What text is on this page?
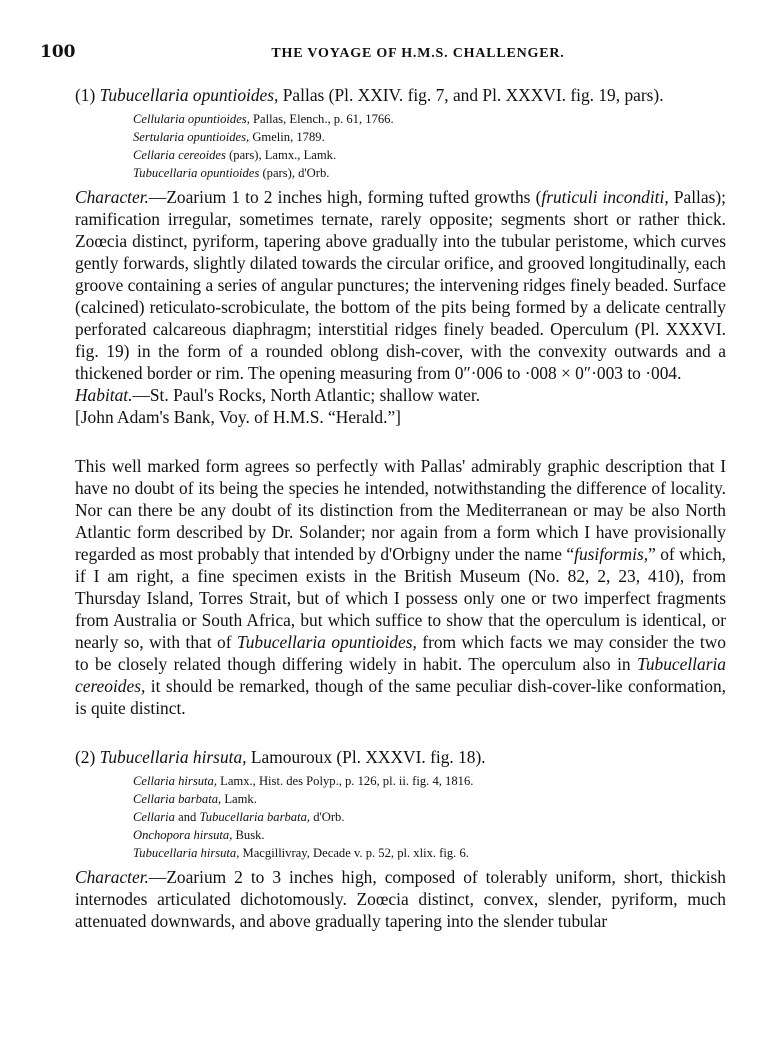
100	THE VOYAGE OF H.M.S. CHALLENGER.

(1) Tubucellaria opuntioides, Pallas (Pl. XXIV. fig. 7, and Pl. XXXVI. fig. 19, pars).

Cellularia opuntioides, Pallas, Elench., p. 61, 1766.
Sertularia opuntioides, Gmelin, 1789.
Cellaria cereoides (pars), Lamx., Lamk.
Tubucellaria opuntioides (pars), d'Orb.

Character.—Zoarium 1 to 2 inches high, forming tufted growths (fruticuli inconditi, Pallas); ramification irregular, sometimes ternate, rarely opposite; segments short or rather thick. Zoœcia distinct, pyriform, tapering above gradually into the tubular peristome, which curves gently forwards, slightly dilated towards the circular orifice, and grooved longitudinally, each groove containing a series of angular punctures; the intervening ridges finely beaded. Surface (calcined) reticulato-scrobiculate, the bottom of the pits being formed by a delicate centrally perforated calcareous diaphragm; interstitial ridges finely beaded. Operculum (Pl. XXXVI. fig. 19) in the form of a rounded oblong dish-cover, with the convexity outwards and a thickened border or rim. The opening measuring from 0″·006 to ·008 × 0″·003 to ·004.

Habitat.—St. Paul's Rocks, North Atlantic; shallow water.

[John Adam's Bank, Voy. of H.M.S. “Herald.”]

This well marked form agrees so perfectly with Pallas' admirably graphic description that I have no doubt of its being the species he intended, notwithstanding the difference of locality. Nor can there be any doubt of its distinction from the Mediterranean or may be also North Atlantic form described by Dr. Solander; nor again from a form which I have provisionally regarded as most probably that intended by d'Orbigny under the name “fusiformis,” of which, if I am right, a fine specimen exists in the British Museum (No. 82, 2, 23, 410), from Thursday Island, Torres Strait, but of which I possess only one or two imperfect fragments from Australia or South Africa, but which suffice to show that the operculum is identical, or nearly so, with that of Tubucellaria opuntioides, from which facts we may consider the two to be closely related though differing widely in habit. The operculum also in Tubucellaria cereoides, it should be remarked, though of the same peculiar dish-cover-like conformation, is quite distinct.

(2) Tubucellaria hirsuta, Lamouroux (Pl. XXXVI. fig. 18).

Cellaria hirsuta, Lamx., Hist. des Polyp., p. 126, pl. ii. fig. 4, 1816.
Cellaria barbata, Lamk.
Cellaria and Tubucellaria barbata, d'Orb.
Onchopora hirsuta, Busk.
Tubucellaria hirsuta, Macgillivray, Decade v. p. 52, pl. xlix. fig. 6.

Character.—Zoarium 2 to 3 inches high, composed of tolerably uniform, short, thickish internodes articulated dichotomously. Zoœcia distinct, convex, slender, pyriform, much attenuated downwards, and above gradually tapering into the slender tubular
